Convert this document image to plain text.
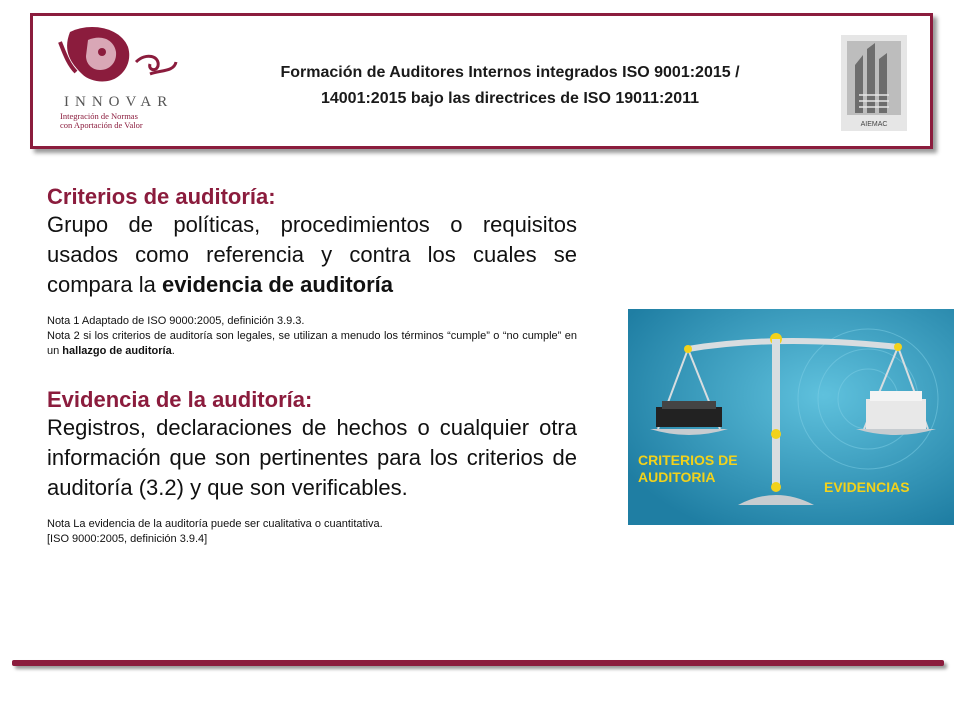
INNOVAR
Integración de Normas
con Aportación de Valor
Formación de Auditores Internos integrados ISO 9001:2015 /
14001:2015 bajo las directrices de ISO 19011:2011
AIEMAC
Criterios de auditoría:

Grupo de políticas, procedimientos o requisitos usados como referencia y contra los cuales se compara la evidencia de auditoría

Nota 1 Adaptado de ISO 9000:2005, definición 3.9.3.

Nota 2 si los criterios de auditoría son legales, se utilizan a menudo los términos “cumple” o “no cumple” en un hallazgo de auditoría.

Evidencia de la auditoría:

Registros, declaraciones de hechos o cualquier otra información que son pertinentes para los criterios de auditoría (3.2) y que son verificables.

Nota La evidencia de la auditoría puede ser cualitativa o cuantitativa.

[ISO 9000:2005, definición 3.9.4]

CRITERIOS DE
AUDITORIA
EVIDENCIAS
